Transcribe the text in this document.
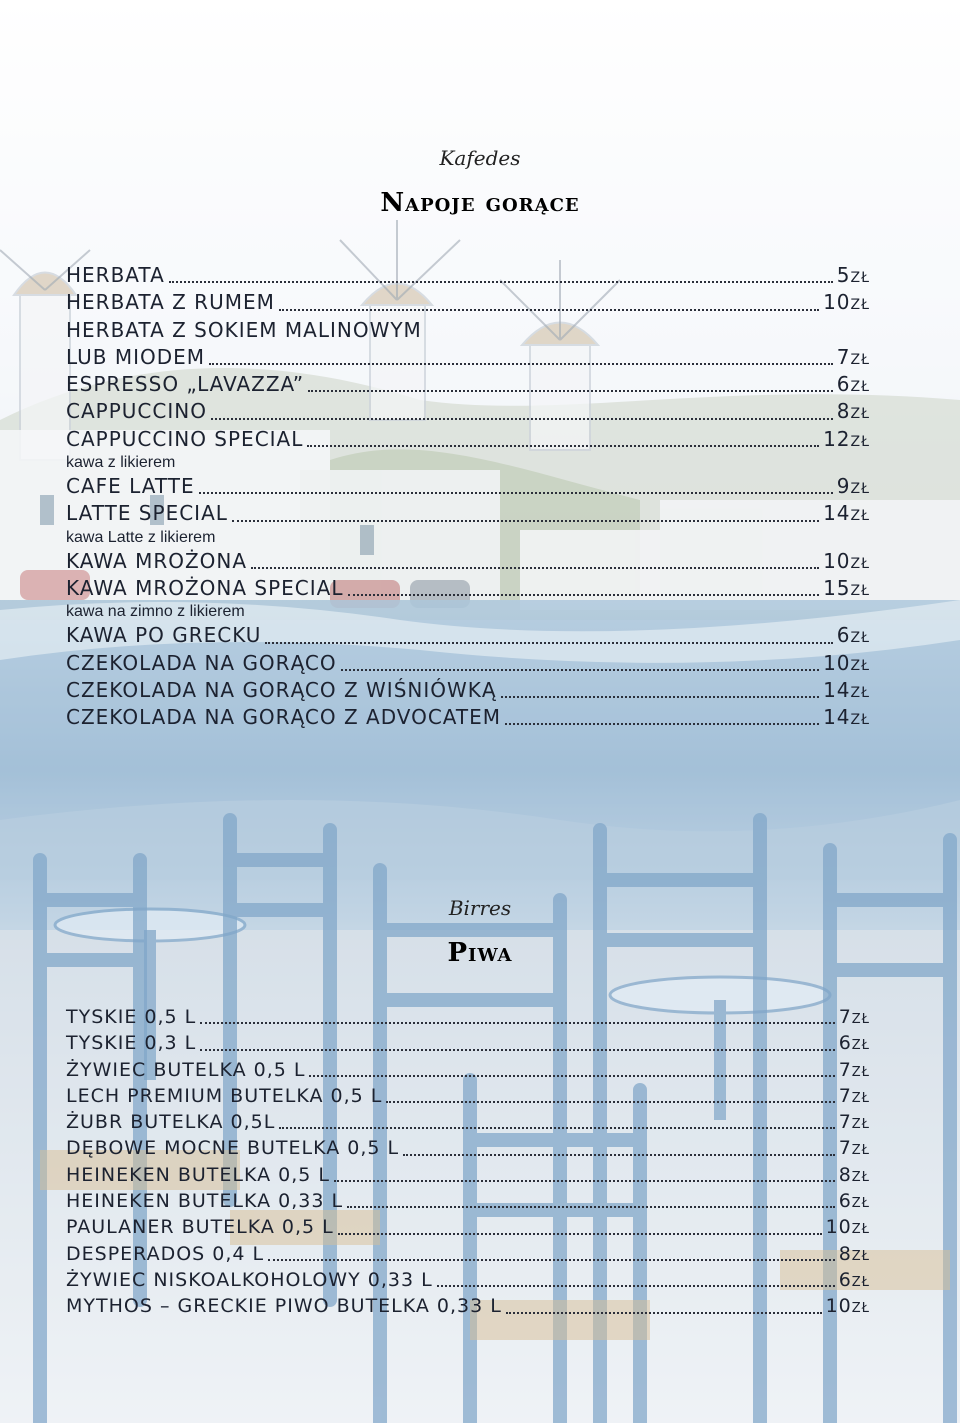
Kafedes
Napoje gorące
HERBATA	5 zł
HERBATA Z RUMEM	10 zł
HERBATA Z SOKIEM MALINOWYM
LUB MIODEM	7 zł
ESPRESSO „LAVAZZA”	6 zł
CAPPUCCINO	8 zł
CAPPUCCINO SPECIAL	12 zł
kawa z likierem
CAFE LATTE	9 zł
LATTE SPECIAL	14 zł
kawa Latte z likierem
KAWA MROŻONA	10 zł
KAWA MROŻONA SPECIAL	15 zł
kawa na zimno z likierem
KAWA PO GRECKU	6 zł
CZEKOLADA NA GORĄCO	10 zł
CZEKOLADA NA GORĄCO Z WIŚNIÓWKĄ	14 zł
CZEKOLADA NA GORĄCO Z ADVOCATEM	14 zł
Birres
Piwa
TYSKIE 0,5 L	7 zł
TYSKIE 0,3 L	6 zł
ŻYWIEC BUTELKA 0,5 L	7 zł
LECH PREMIUM BUTELKA 0,5 L	7 zł
ŻUBR BUTELKA 0,5L	7 zł
DĘBOWE MOCNE BUTELKA 0,5 L	7 zł
HEINEKEN BUTELKA 0,5 L	8 zł
HEINEKEN BUTELKA 0,33 L	6 zł
PAULANER BUTELKA 0,5 L	10 zł
DESPERADOS 0,4 L	8 zł
ŻYWIEC NISKOALKOHOLOWY 0,33 L	6 zł
MYTHOS – GRECKIE PIWO BUTELKA 0,33 L	10 zł
